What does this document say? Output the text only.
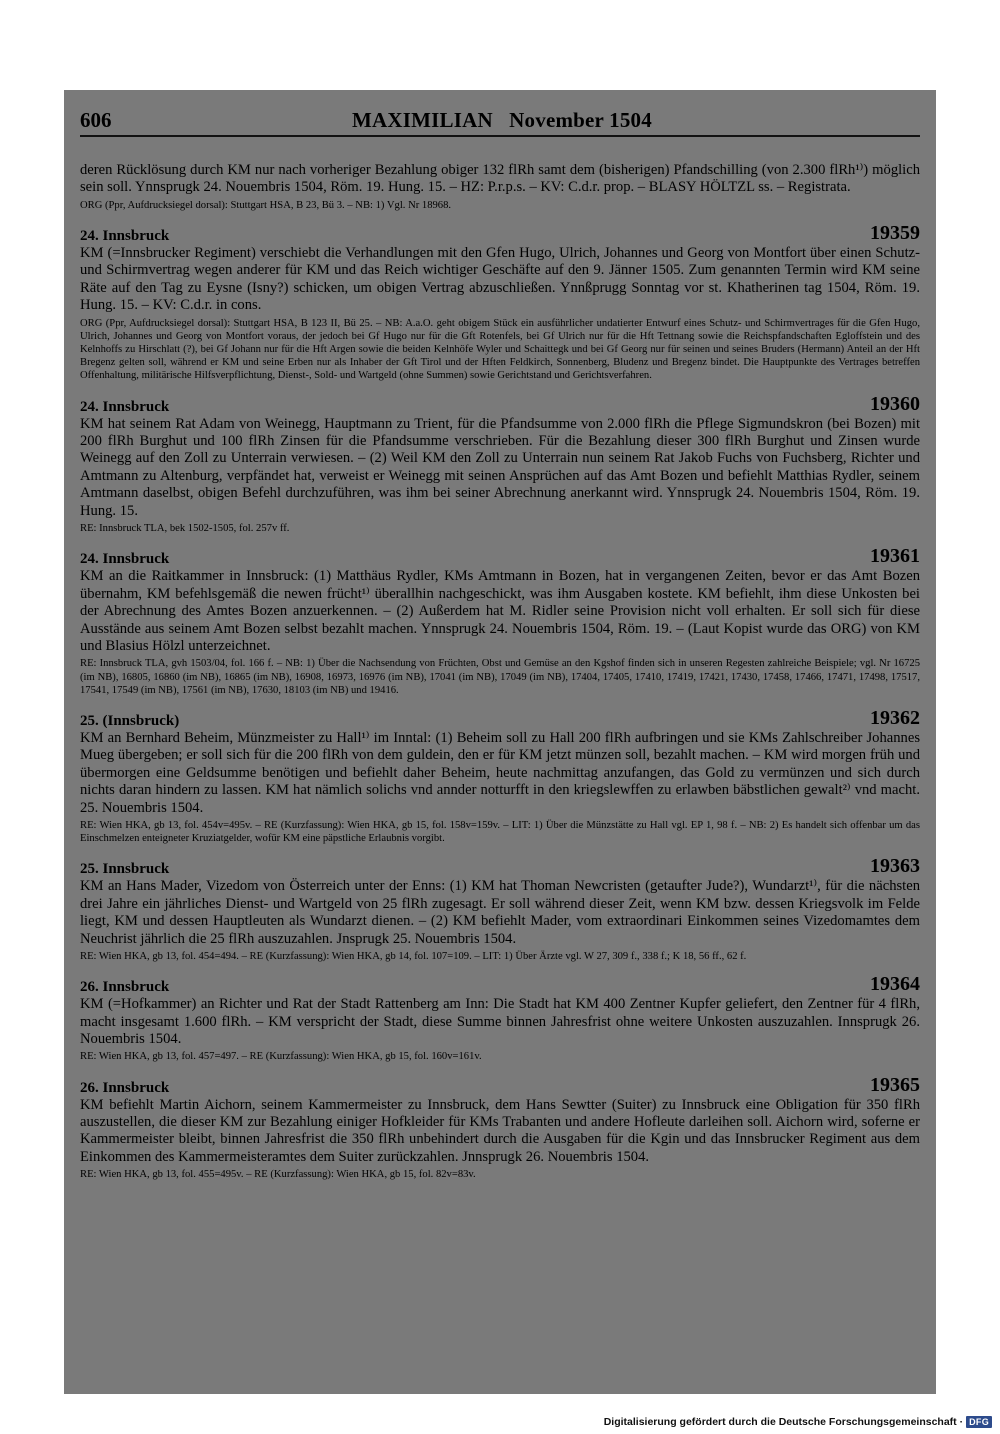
606	MAXIMILIAN   November 1504

deren Rücklösung durch KM nur nach vorheriger Bezahlung obiger 132 flRh samt dem (bisherigen) Pfandschilling (von 2.300 flRh¹⁾) möglich sein soll. Ynnsprugk 24. Nouembris 1504, Röm. 19. Hung. 15. – HZ: P.r.p.s. – KV: C.d.r. prop. – BLASY HÖLTZL ss. – Registrata.

ORG (Ppr, Aufdrucksiegel dorsal): Stuttgart HSA, B 23, Bü 3. – NB: 1) Vgl. Nr 18968.

24. Innsbruck	19359

KM (=Innsbrucker Regiment) verschiebt die Verhandlungen mit den Gfen Hugo, Ulrich, Johannes und Georg von Montfort über einen Schutz- und Schirmvertrag wegen anderer für KM und das Reich wichtiger Geschäfte auf den 9. Jänner 1505. Zum genannten Termin wird KM seine Räte auf den Tag zu Eysne (Isny?) schicken, um obigen Vertrag abzuschließen. Ynnßprugg Sonntag vor st. Khatherinen tag 1504, Röm. 19. Hung. 15. – KV: C.d.r. in cons.

ORG (Ppr, Aufdrucksiegel dorsal): Stuttgart HSA, B 123 II, Bü 25. – NB: A.a.O. geht obigem Stück ein ausführlicher undatierter Entwurf eines Schutz- und Schirmvertrages für die Gfen Hugo, Ulrich, Johannes und Georg von Montfort voraus, der jedoch bei Gf Hugo nur für die Gft Rotenfels, bei Gf Ulrich nur für die Hft Tettnang sowie die Reichspfandschaften Egloffstein und des Kelnhoffs zu Hirschlatt (?), bei Gf Johann nur für die Hft Argen sowie die beiden Kelnhöfe Wyler und Schaittegk und bei Gf Georg nur für seinen und seines Bruders (Hermann) Anteil an der Hft Bregenz gelten soll, während er KM und seine Erben nur als Inhaber der Gft Tirol und der Hften Feldkirch, Sonnenberg, Bludenz und Bregenz bindet. Die Hauptpunkte des Vertrages betreffen Offenhaltung, militärische Hilfsverpflichtung, Dienst-, Sold- und Wartgeld (ohne Summen) sowie Gerichtstand und Gerichtsverfahren.

24. Innsbruck	19360

KM hat seinem Rat Adam von Weinegg, Hauptmann zu Trient, für die Pfandsumme von 2.000 flRh die Pflege Sigmundskron (bei Bozen) mit 200 flRh Burghut und 100 flRh Zinsen für die Pfandsumme verschrieben. Für die Bezahlung dieser 300 flRh Burghut und Zinsen wurde Weinegg auf den Zoll zu Unterrain verwiesen. – (2) Weil KM den Zoll zu Unterrain nun seinem Rat Jakob Fuchs von Fuchsberg, Richter und Amtmann zu Altenburg, verpfändet hat, verweist er Weinegg mit seinen Ansprüchen auf das Amt Bozen und befiehlt Matthias Rydler, seinem Amtmann daselbst, obigen Befehl durchzuführen, was ihm bei seiner Abrechnung anerkannt wird. Ynnsprugk 24. Nouembris 1504, Röm. 19. Hung. 15.

RE: Innsbruck TLA, bek 1502-1505, fol. 257v ff.

24. Innsbruck	19361

KM an die Raitkammer in Innsbruck: (1) Matthäus Rydler, KMs Amtmann in Bozen, hat in vergangenen Zeiten, bevor er das Amt Bozen übernahm, KM befehlsgemäß die newen frücht¹⁾ überallhin nachgeschickt, was ihm Ausgaben kostete. KM befiehlt, ihm diese Unkosten bei der Abrechnung des Amtes Bozen anzuerkennen. – (2) Außerdem hat M. Ridler seine Provision nicht voll erhalten. Er soll sich für diese Ausstände aus seinem Amt Bozen selbst bezahlt machen. Ynnsprugk 24. Nouembris 1504, Röm. 19. – (Laut Kopist wurde das ORG) von KM und Blasius Hölzl unterzeichnet.

RE: Innsbruck TLA, gvh 1503/04, fol. 166 f. – NB: 1) Über die Nachsendung von Früchten, Obst und Gemüse an den Kgshof finden sich in unseren Regesten zahlreiche Beispiele; vgl. Nr 16725 (im NB), 16805, 16860 (im NB), 16865 (im NB), 16908, 16973, 16976 (im NB), 17041 (im NB), 17049 (im NB), 17404, 17405, 17410, 17419, 17421, 17430, 17458, 17466, 17471, 17498, 17517, 17541, 17549 (im NB), 17561 (im NB), 17630, 18103 (im NB) und 19416.

25. (Innsbruck)	19362

KM an Bernhard Beheim, Münzmeister zu Hall¹⁾ im Inntal: (1) Beheim soll zu Hall 200 flRh aufbringen und sie KMs Zahlschreiber Johannes Mueg übergeben; er soll sich für die 200 flRh von dem guldein, den er für KM jetzt münzen soll, bezahlt machen. – KM wird morgen früh und übermorgen eine Geldsumme benötigen und befiehlt daher Beheim, heute nachmittag anzufangen, das Gold zu vermünzen und sich durch nichts daran hindern zu lassen. KM hat nämlich solichs vnd annder notturfft in den kriegslewffen zu erlawben bäbstlichen gewalt²⁾ vnd macht. 25. Nouembris 1504.

RE: Wien HKA, gb 13, fol. 454v=495v. – RE (Kurzfassung): Wien HKA, gb 15, fol. 158v=159v. – LIT: 1) Über die Münzstätte zu Hall vgl. EP 1, 98 f. – NB: 2) Es handelt sich offenbar um das Einschmelzen enteigneter Kruziatgelder, wofür KM eine päpstliche Erlaubnis vorgibt.

25. Innsbruck	19363

KM an Hans Mader, Vizedom von Österreich unter der Enns: (1) KM hat Thoman Newcristen (getaufter Jude?), Wundarzt¹⁾, für die nächsten drei Jahre ein jährliches Dienst- und Wartgeld von 25 flRh zugesagt. Er soll während dieser Zeit, wenn KM bzw. dessen Kriegsvolk im Felde liegt, KM und dessen Hauptleuten als Wundarzt dienen. – (2) KM befiehlt Mader, vom extraordinari Einkommen seines Vizedomamtes dem Neuchrist jährlich die 25 flRh auszuzahlen. Jnsprugk 25. Nouembris 1504.

RE: Wien HKA, gb 13, fol. 454=494. – RE (Kurzfassung): Wien HKA, gb 14, fol. 107=109. – LIT: 1) Über Ärzte vgl. W 27, 309 f., 338 f.; K 18, 56 ff., 62 f.

26. Innsbruck	19364

KM (=Hofkammer) an Richter und Rat der Stadt Rattenberg am Inn: Die Stadt hat KM 400 Zentner Kupfer geliefert, den Zentner für 4 flRh, macht insgesamt 1.600 flRh. – KM verspricht der Stadt, diese Summe binnen Jahresfrist ohne weitere Unkosten auszuzahlen. Innsprugk 26. Nouembris 1504.

RE: Wien HKA, gb 13, fol. 457=497. – RE (Kurzfassung): Wien HKA, gb 15, fol. 160v=161v.

26. Innsbruck	19365

KM befiehlt Martin Aichorn, seinem Kammermeister zu Innsbruck, dem Hans Sewtter (Suiter) zu Innsbruck eine Obligation für 350 flRh auszustellen, die dieser KM zur Bezahlung einiger Hofkleider für KMs Trabanten und andere Hofleute darleihen soll. Aichorn wird, soferne er Kammermeister bleibt, binnen Jahresfrist die 350 flRh unbehindert durch die Ausgaben für die Kgin und das Innsbrucker Regiment aus dem Einkommen des Kammermeisteramtes dem Suiter zurückzahlen. Jnnsprugk 26. Nouembris 1504.

RE: Wien HKA, gb 13, fol. 455=495v. – RE (Kurzfassung): Wien HKA, gb 15, fol. 82v=83v.

Digitalisierung gefördert durch die Deutsche Forschungsgemeinschaft · DFG
